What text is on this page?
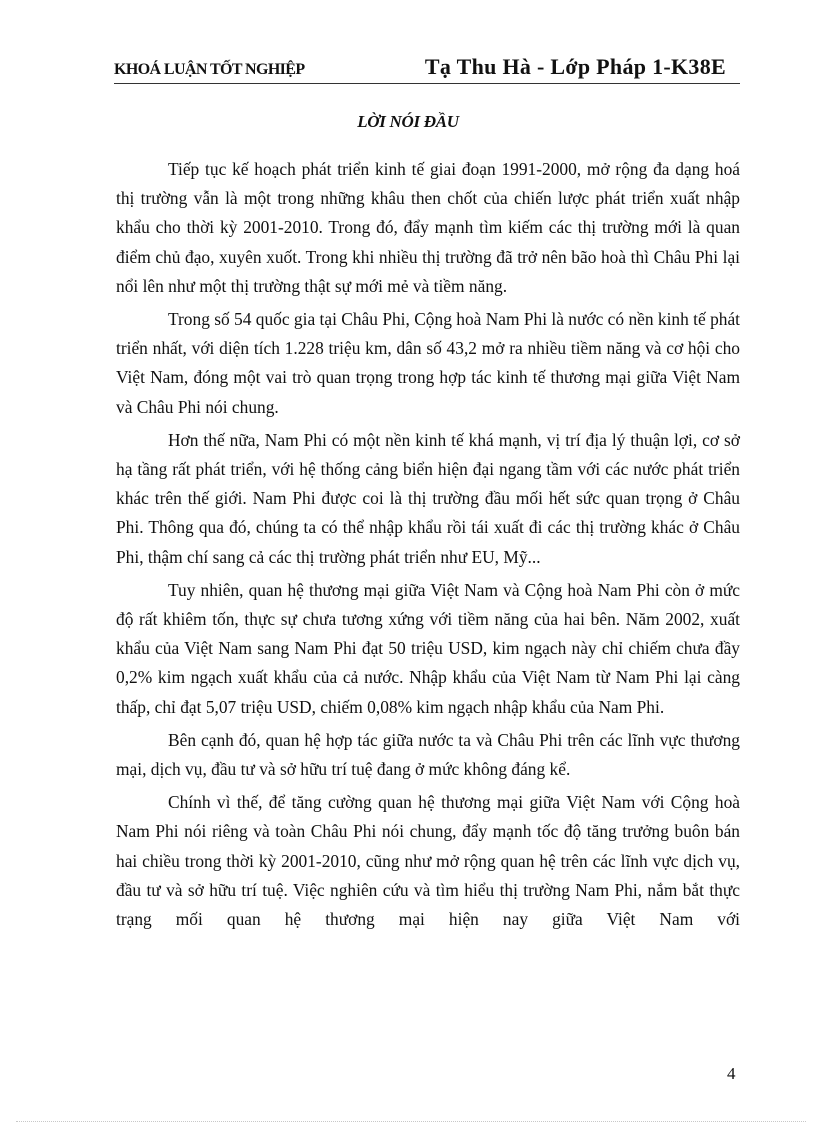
KHOÁ LUẬN TỐT NGHIỆP	Tạ Thu Hà - Lớp Pháp 1-K38E
LỜI NÓI ĐẦU

Tiếp tục kế hoạch phát triển kinh tế giai đoạn 1991-2000, mở rộng đa dạng hoá thị trường vẫn là một trong những khâu then chốt của chiến lược phát triển xuất nhập khẩu cho thời kỳ 2001-2010. Trong đó, đẩy mạnh tìm kiếm các thị trường mới là quan điểm chủ đạo, xuyên xuốt. Trong khi nhiều thị trường đã trở nên bão hoà thì Châu Phi lại nổi lên như một thị trường thật sự mới mẻ và tiềm năng.

Trong số 54 quốc gia tại Châu Phi, Cộng hoà Nam Phi là nước có nền kinh tế phát triển nhất, với diện tích 1.228 triệu km, dân số 43,2 mở ra nhiều tiềm năng và cơ hội cho Việt Nam, đóng một vai trò quan trọng trong hợp tác kinh tế thương mại giữa Việt Nam và Châu Phi nói chung.

Hơn thế nữa, Nam Phi có một nền kinh tế khá mạnh, vị trí địa lý thuận lợi, cơ sở hạ tầng rất phát triển, với hệ thống cảng biển hiện đại ngang tầm với các nước phát triển khác trên thế giới. Nam Phi được coi là thị trường đầu mối hết sức quan trọng ở Châu Phi. Thông qua đó, chúng ta có thể nhập khẩu rồi tái xuất đi các thị trường khác ở Châu Phi, thậm chí sang cả các thị trường phát triển như EU, Mỹ...

Tuy nhiên, quan hệ thương mại giữa Việt Nam và Cộng hoà Nam Phi còn ở mức độ rất khiêm tốn, thực sự chưa tương xứng với tiềm năng của hai bên. Năm 2002, xuất khẩu của Việt Nam sang Nam Phi đạt 50 triệu USD, kim ngạch này chỉ chiếm chưa đầy 0,2% kim ngạch xuất khẩu của cả nước. Nhập khẩu của Việt Nam từ Nam Phi lại càng thấp, chỉ đạt 5,07 triệu USD, chiếm 0,08% kim ngạch nhập khẩu của Nam Phi.

Bên cạnh đó, quan hệ hợp tác giữa nước ta và Châu Phi trên các lĩnh vực thương mại, dịch vụ, đầu tư và sở hữu trí tuệ đang ở mức không đáng kể.

Chính vì thế, để tăng cường quan hệ thương mại giữa Việt Nam với Cộng hoà Nam Phi nói riêng và toàn Châu Phi nói chung, đẩy mạnh tốc độ tăng trưởng buôn bán hai chiều trong thời kỳ 2001-2010, cũng như mở rộng quan hệ trên các lĩnh vực dịch vụ, đầu tư và sở hữu trí tuệ. Việc nghiên cứu và tìm hiểu thị trường Nam Phi, nắm bắt thực trạng mối quan hệ thương mại hiện nay giữa Việt Nam với

4
